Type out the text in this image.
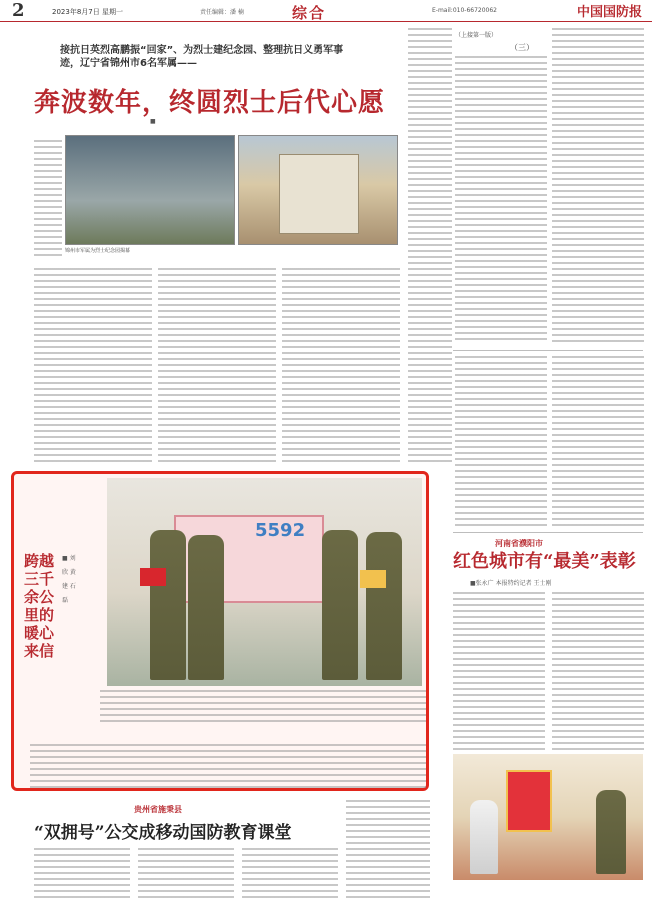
2	2023年8月7日 星期一	责任编辑：潘 楠	综合	E-mail:010-66720062	中国国防报
接抗日英烈高鹏振“回家”、为烈士建纪念园、整理抗日义勇军事迹，辽宁省锦州市6名军属——
奔波数年，终圆烈士后代心愿
■
锦州市军属为烈士纪念园揭幕
（上接第一版）
（三）
跨越三千余公里的暖心来信
■ 刘 欣 黄 建 石磊
5592
贵州省施秉县
“双拥号”公交成移动国防教育课堂
河南省濮阳市
红色城市有“最美”表彰
■张永广 本报特约记者 王士刚
